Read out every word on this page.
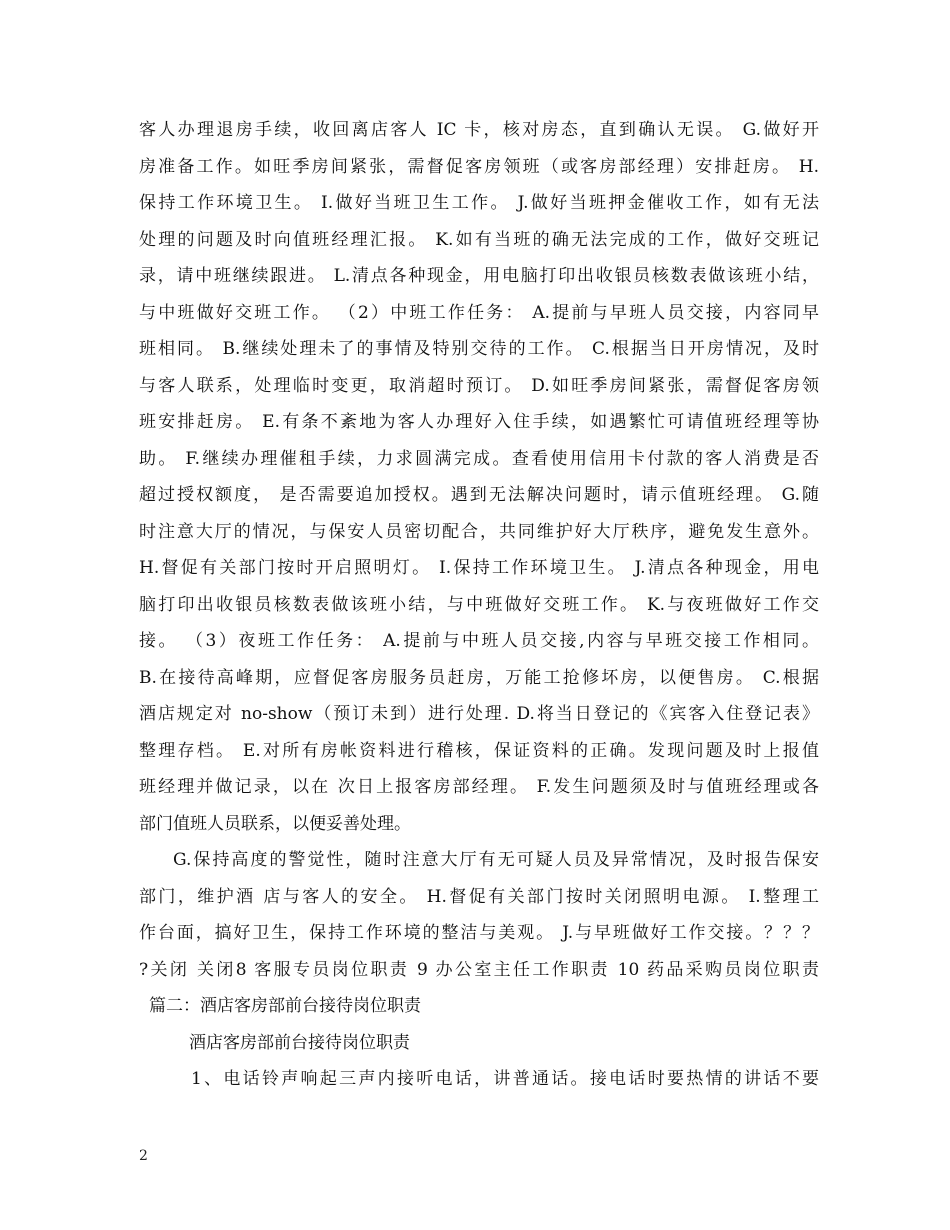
客人办理退房手续，收回离店客人 IC 卡，核对房态，直到确认无误。 G.做好开
房准备工作。如旺季房间紧张，需督促客房领班（或客房部经理）安排赶房。 H.
保持工作环境卫生。 I.做好当班卫生工作。 J.做好当班押金催收工作，如有无法
处理的问题及时向值班经理汇报。 K.如有当班的确无法完成的工作，做好交班记
录，请中班继续跟进。 L.清点各种现金，用电脑打印出收银员核数表做该班小结，
与中班做好交班工作。 （2）中班工作任务： A.提前与早班人员交接，内容同早
班相同。 B.继续处理未了的事情及特别交待的工作。 C.根据当日开房情况，及时
与客人联系，处理临时变更，取消超时预订。 D.如旺季房间紧张，需督促客房领
班安排赶房。 E.有条不紊地为客人办理好入住手续，如遇繁忙可请值班经理等协
助。 F.继续办理催租手续，力求圆满完成。查看使用信用卡付款的客人消费是否
超过授权额度， 是否需要追加授权。遇到无法解决问题时，请示值班经理。 G.随
时注意大厅的情况，与保安人员密切配合，共同维护好大厅秩序，避免发生意外。
H.督促有关部门按时开启照明灯。 I.保持工作环境卫生。 J.清点各种现金，用电
脑打印出收银员核数表做该班小结，与中班做好交班工作。 K.与夜班做好工作交
接。 （3）夜班工作任务： A.提前与中班人员交接,内容与早班交接工作相同。
B.在接待高峰期，应督促客房服务员赶房，万能工抢修坏房，以便售房。 C.根据
酒店规定对 no-show（预订未到）进行处理. D.将当日登记的《宾客入住登记表》
整理存档。 E.对所有房帐资料进行稽核，保证资料的正确。发现问题及时上报值
班经理并做记录，以在 次日上报客房部经理。 F.发生问题须及时与值班经理或各
部门值班人员联系，以便妥善处理。
G.保持高度的警觉性，随时注意大厅有无可疑人员及异常情况，及时报告保安
部门，维护酒 店与客人的安全。 H.督促有关部门按时关闭照明电源。 I.整理工
作台面，搞好卫生，保持工作环境的整洁与美观。 J.与早班做好工作交接。？？？
?关闭 关闭8 客服专员岗位职责 9 办公室主任工作职责 10 药品采购员岗位职责
篇二：酒店客房部前台接待岗位职责
酒店客房部前台接待岗位职责
1、电话铃声响起三声内接听电话，讲普通话。接电话时要热情的讲话不要
2
